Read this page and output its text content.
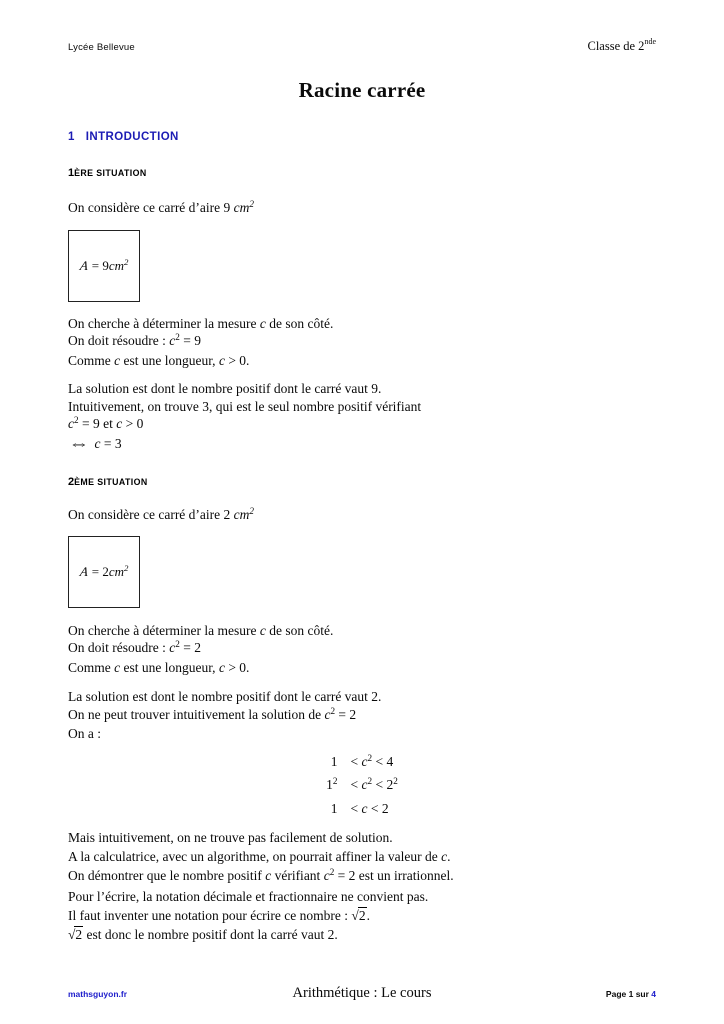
Lycée Bellevue	Classe de 2nde
Racine carrée
1 INTRODUCTION
1ÈRE SITUATION
On considère ce carré d’aire 9 $cm^2$
$A = 9cm^2$
On cherche à déterminer la mesure c de son côté.
On doit résoudre : $c^2 = 9$
Comme c est une longueur, c > 0.
La solution est dont le nombre positif dont le carré vaut 9.
Intuitivement, on trouve 3, qui est le seul nombre positif vérifiant
$c^2 = 9$ et c > 0
⇔ c = 3
2ÈME SITUATION
On considère ce carré d’aire 2 $cm^2$
$A = 2cm^2$
On cherche à déterminer la mesure c de son côté.
On doit résoudre : $c^2 = 2$
Comme c est une longueur, c > 0.
La solution est dont le nombre positif dont le carré vaut 2.
On ne peut trouver intuitivement la solution de $c^2 = 2$
On a :
$1 < c^2 < 4$
$1^2 < c^2 < 2^2$
1 < c < 2
Mais intuitivement, on ne trouve pas facilement de solution.
A la calculatrice, avec un algorithme, on pourrait affiner la valeur de c.
On démontrer que le nombre positif c vérifiant $c^2 = 2$ est un irrationnel.
Pour l’écrire, la notation décimale et fractionnaire ne convient pas.
Il faut inventer une notation pour écrire ce nombre : √2.
√2 est donc le nombre positif dont la carré vaut 2.
mathsguyon.fr	Arithmétique : Le cours	Page 1 sur 4
